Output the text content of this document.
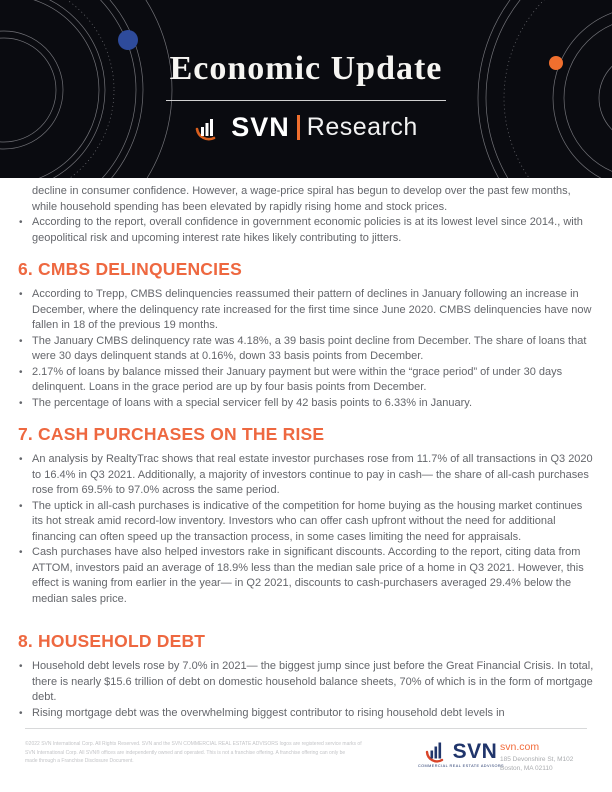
Economic Update
SVN Research

decline in consumer confidence. However, a wage-price spiral has begun to develop over the past few months, while household spending has been elevated by rapidly rising home and stock prices.

• According to the report, overall confidence in government economic policies is at its lowest level since 2014., with geopolitical risk and upcoming interest rate hikes likely contributing to jitters.
6. CMBS DELINQUENCIES
• According to Trepp, CMBS delinquencies reassumed their pattern of declines in January following an increase in December, where the delinquency rate increased for the first time since June 2020. CMBS delinquencies have now fallen in 18 of the previous 19 months.
• The January CMBS delinquency rate was 4.18%, a 39 basis point decline from December. The share of loans that were 30 days delinquent stands at 0.16%, down 33 basis points from December.
• 2.17% of loans by balance missed their January payment but were within the “grace period” of under 30 days delinquent. Loans in the grace period are up by four basis points from December.
• The percentage of loans with a special servicer fell by 42 basis points to 6.33% in January.
7. CASH PURCHASES ON THE RISE
• An analysis by RealtyTrac shows that real estate investor purchases rose from 11.7% of all transactions in Q3 2020 to 16.4% in Q3 2021. Additionally, a majority of investors continue to pay in cash— the share of all-cash purchases rose from 69.5% to 97.0% across the same period.
• The uptick in all-cash purchases is indicative of the competition for home buying as the housing market continues its hot streak amid record-low inventory. Investors who can offer cash upfront without the need for additional financing can often speed up the transaction process, in some cases limiting the need for appraisals.
• Cash purchases have also helped investors rake in significant discounts. According to the report, citing data from ATTOM, investors paid an average of 18.9% less than the median sale price of a home in Q3 2021. However, this effect is waning from earlier in the year— in Q2 2021, discounts to cash-purchasers averaged 29.4% below the median sales price.
8. HOUSEHOLD DEBT
• Household debt levels rose by 7.0% in 2021— the biggest jump since just before the Great Financial Crisis. In total, there is nearly $15.6 trillion of debt on domestic household balance sheets, 70% of which is in the form of mortgage debt.
• Rising mortgage debt was the overwhelming biggest contributor to rising household debt levels in
©2022 SVN International Corp. All Rights Reserved. SVN and the SVN COMMERCIAL REAL ESTATE ADVISORS logos are registered service marks of
SVN International Corp. All SVN® offices are independently owned and operated. This is not a franchise offering. A franchise offering can only be
made through a Franchise Disclosure Document.	SVN
COMMERCIAL REAL ESTATE ADVISORS
svn.com
185 Devonshire St, M102
Boston, MA 02110
